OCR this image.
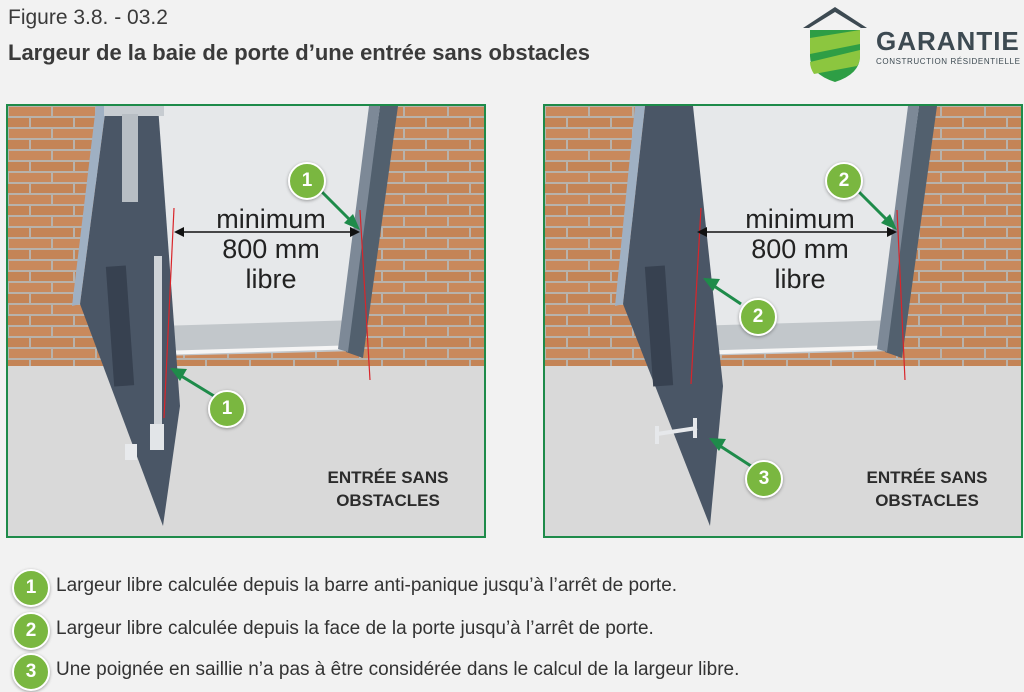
Figure 3.8. - 03.2
Largeur de la baie de porte d’une entrée sans obstacles	GARANTIE
CONSTRUCTION RÉSIDENTIELLE
minimum
800 mm
libre
1
1
ENTRÉE SANS
OBSTACLES
minimum
800 mm
libre
2
2
3	ENTRÉE SANS
OBSTACLES
1	Largeur libre calculée depuis la barre anti-panique jusqu’à l’arrêt de porte.
2	Largeur libre calculée depuis la face de la porte jusqu’à l’arrêt de porte.
3	Une poignée en saillie n’a pas à être considérée dans le calcul de la largeur libre.
